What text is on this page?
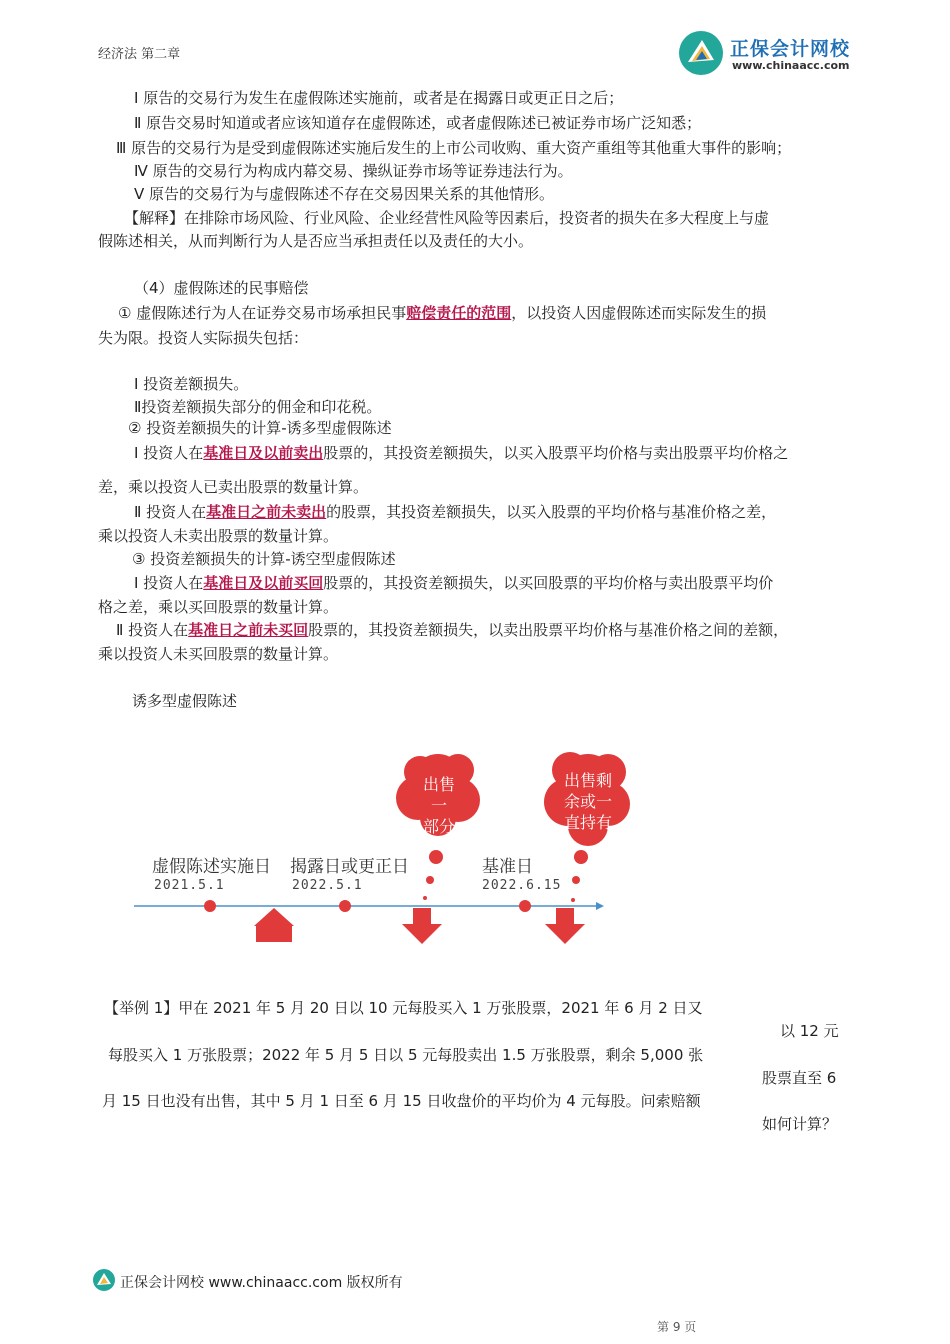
正保会计网校
www.chinaacc.com
经济法 第二章
Ⅰ 原告的交易行为发生在虚假陈述实施前，或者是在揭露日或更正日之后；
Ⅱ 原告交易时知道或者应该知道存在虚假陈述，或者虚假陈述已被证券市场广泛知悉；
Ⅲ 原告的交易行为是受到虚假陈述实施后发生的上市公司收购、重大资产重组等其他重大事件的影响；
Ⅳ 原告的交易行为构成内幕交易、操纵证券市场等证券违法行为。
Ⅴ 原告的交易行为与虚假陈述不存在交易因果关系的其他情形。
【解释】在排除市场风险、行业风险、企业经营性风险等因素后，投资者的损失在多大程度上与虚
假陈述相关，从而判断行为人是否应当承担责任以及责任的大小。
（4）虚假陈述的民事赔偿
① 虚假陈述行为人在证券交易市场承担民事赔偿责任的范围，以投资人因虚假陈述而实际发生的损
失为限。投资人实际损失包括：
Ⅰ 投资差额损失。
Ⅱ投资差额损失部分的佣金和印花税。
② 投资差额损失的计算-诱多型虚假陈述
Ⅰ 投资人在基准日及以前卖出股票的，其投资差额损失，以买入股票平均价格与卖出股票平均价格之
差，乘以投资人已卖出股票的数量计算。
Ⅱ 投资人在基准日之前未卖出的股票，其投资差额损失，以买入股票的平均价格与基准价格之差，
乘以投资人未卖出股票的数量计算。
③ 投资差额损失的计算-诱空型虚假陈述
Ⅰ 投资人在基准日及以前买回股票的，其投资差额损失，以买回股票的平均价格与卖出股票平均价
格之差，乘以买回股票的数量计算。
Ⅱ 投资人在基准日之前未买回股票的，其投资差额损失，以卖出股票平均价格与基准价格之间的差额，
乘以投资人未买回股票的数量计算。
诱多型虚假陈述
出售一
部分
出售剩
余或一
直持有
虚假陈述实施日
2021.5.1
揭露日或更正日
2022.5.1
基准日
2022.6.15
【举例 1】甲在 2021 年 5 月 20 日以 10 元每股买入 1 万张股票，2021 年 6 月 2 日又
以 12 元
每股买入 1 万张股票；2022 年 5 月 5 日以 5 元每股卖出 1.5 万张股票，剩余 5,000 张
股票直至 6
月 15 日也没有出售，其中 5 月 1 日至 6 月 15 日收盘价的平均价为 4 元每股。问索赔额
如何计算？
正保会计网校 www.chinaacc.com 版权所有
第 9 页
